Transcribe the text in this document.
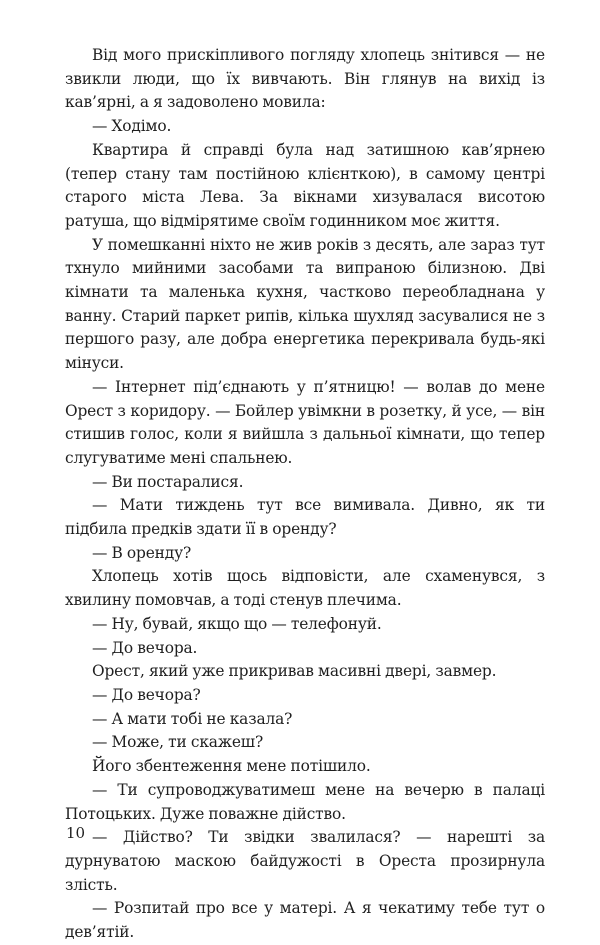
Від мого прискіпливого погляду хлопець знітився — не звикли люди, що їх вивчають. Він глянув на вихід із кав’ярні, а я задоволено мовила:

— Ходімо.

Квартира й справді була над затишною кав’ярнею (тепер стану там постійною клієнткою), в самому центрі старого міста Лева. За вікнами хизувалася висотою ратуша, що відмірятиме своїм годинником моє життя.

У помешканні ніхто не жив років з десять, але зараз тут тхнуло мийними засобами та випраною білизною. Дві кімнати та маленька кухня, частково переобладнана у ванну. Старий паркет рипів, кілька шухляд засувалися не з першого разу, але добра енергетика перекривала будь-які мінуси.

— Інтернет під’єднають у п’ятницю! — волав до мене Орест з коридору. — Бойлер увімкни в розетку, й усе, — він стишив голос, коли я вийшла з дальньої кімнати, що тепер слугуватиме мені спальнею.

— Ви постаралися.

— Мати тиждень тут все вимивала. Дивно, як ти підбила предків здати її в оренду?

— В оренду?

Хлопець хотів щось відповісти, але схаменувся, з хвилину помовчав, а тоді стенув плечима.

— Ну, бувай, якщо що — телефонуй.

— До вечора.

Орест, який уже прикривав масивні двері, завмер.

— До вечора?

— А мати тобі не казала?

— Може, ти скажеш?

Його збентеження мене потішило.

— Ти супроводжуватимеш мене на вечерю в палаці Потоцьких. Дуже поважне дійство.

— Дійство? Ти звідки звалилася? — нарешті за дурнуватою маскою байдужості в Ореста прозирнула злість.

— Розпитай про все у матері. А я чекатиму тебе тут о дев’ятій.

10
